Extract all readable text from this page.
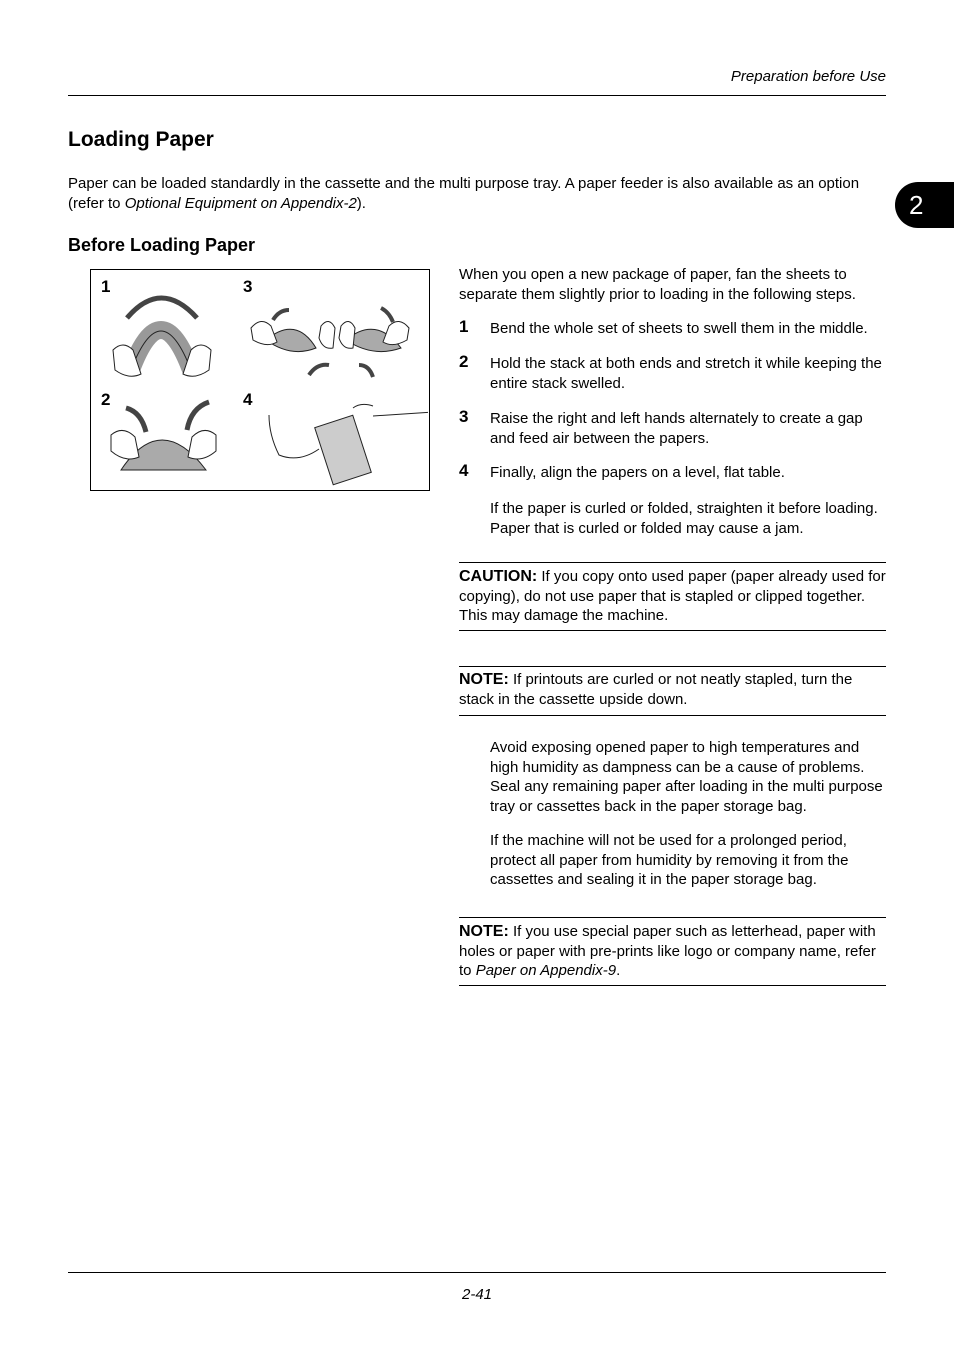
Preparation before Use
2
Loading Paper
Paper can be loaded standardly in the cassette and the multi purpose tray. A paper feeder is also available as an option (refer to Optional Equipment on Appendix-2).
Before Loading Paper
1	3
2	4
When you open a new package of paper, fan the sheets to separate them slightly prior to loading in the following steps.
1 Bend the whole set of sheets to swell them in the middle.
2 Hold the stack at both ends and stretch it while keeping the entire stack swelled.
3 Raise the right and left hands alternately to create a gap and feed air between the papers.
4 Finally, align the papers on a level, flat table.
If the paper is curled or folded, straighten it before loading. Paper that is curled or folded may cause a jam.
CAUTION: If you copy onto used paper (paper already used for copying), do not use paper that is stapled or clipped together. This may damage the machine.
NOTE: If printouts are curled or not neatly stapled, turn the stack in the cassette upside down.
Avoid exposing opened paper to high temperatures and high humidity as dampness can be a cause of problems. Seal any remaining paper after loading in the multi purpose tray or cassettes back in the paper storage bag.
If the machine will not be used for a prolonged period, protect all paper from humidity by removing it from the cassettes and sealing it in the paper storage bag.
NOTE: If you use special paper such as letterhead, paper with holes or paper with pre-prints like logo or company name, refer to Paper on Appendix-9.
2-41
